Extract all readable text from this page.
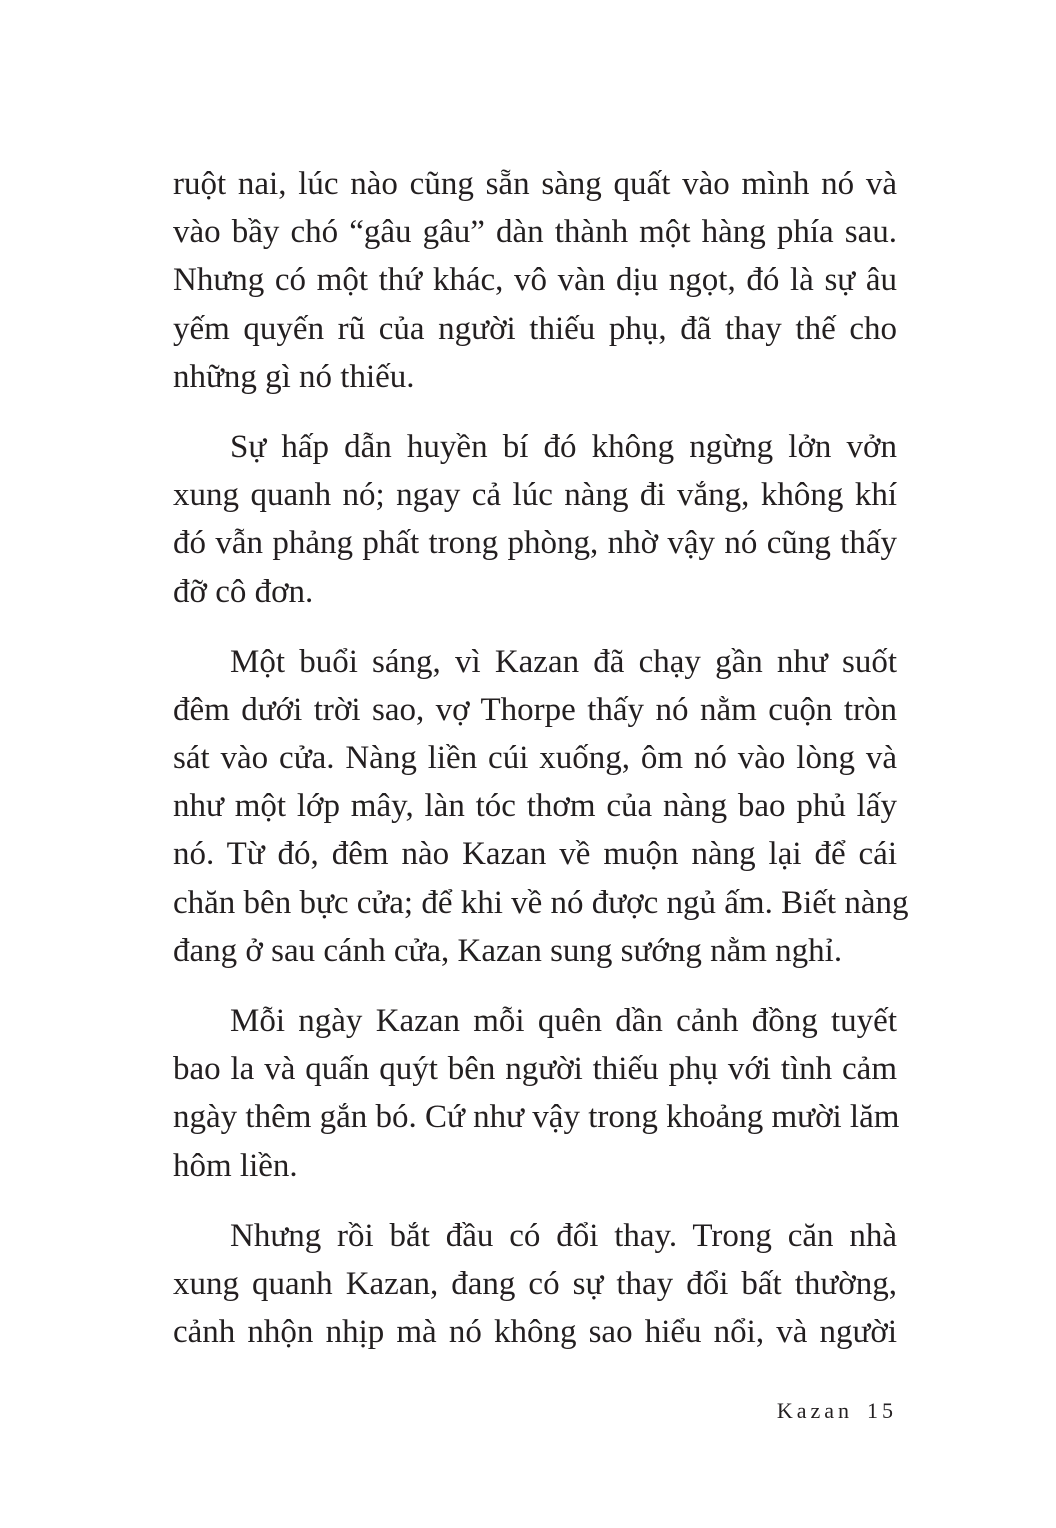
ruột nai, lúc nào cũng sẵn sàng quất vào mình nó và
vào bầy chó “gâu gâu” dàn thành một hàng phía sau.
Nhưng có một thứ khác, vô vàn dịu ngọt, đó là sự âu
yếm quyến rũ của người thiếu phụ, đã thay thế cho
những gì nó thiếu.

Sự hấp dẫn huyền bí đó không ngừng lởn vởn
xung quanh nó; ngay cả lúc nàng đi vắng, không khí
đó vẫn phảng phất trong phòng, nhờ vậy nó cũng thấy
đỡ cô đơn.

Một buổi sáng, vì Kazan đã chạy gần như suốt
đêm dưới trời sao, vợ Thorpe thấy nó nằm cuộn tròn
sát vào cửa. Nàng liền cúi xuống, ôm nó vào lòng và
như một lớp mây, làn tóc thơm của nàng bao phủ lấy
nó. Từ đó, đêm nào Kazan về muộn nàng lại để cái
chăn bên bực cửa; để khi về nó được ngủ ấm. Biết nàng
đang ở sau cánh cửa, Kazan sung sướng nằm nghỉ.

Mỗi ngày Kazan mỗi quên dần cảnh đồng tuyết
bao la và quấn quýt bên người thiếu phụ với tình cảm
ngày thêm gắn bó. Cứ như vậy trong khoảng mười lăm
hôm liền.

Nhưng rồi bắt đầu có đổi thay. Trong căn nhà
xung quanh Kazan, đang có sự thay đổi bất thường,
cảnh nhộn nhịp mà nó không sao hiểu nổi, và người

Kazan 15
